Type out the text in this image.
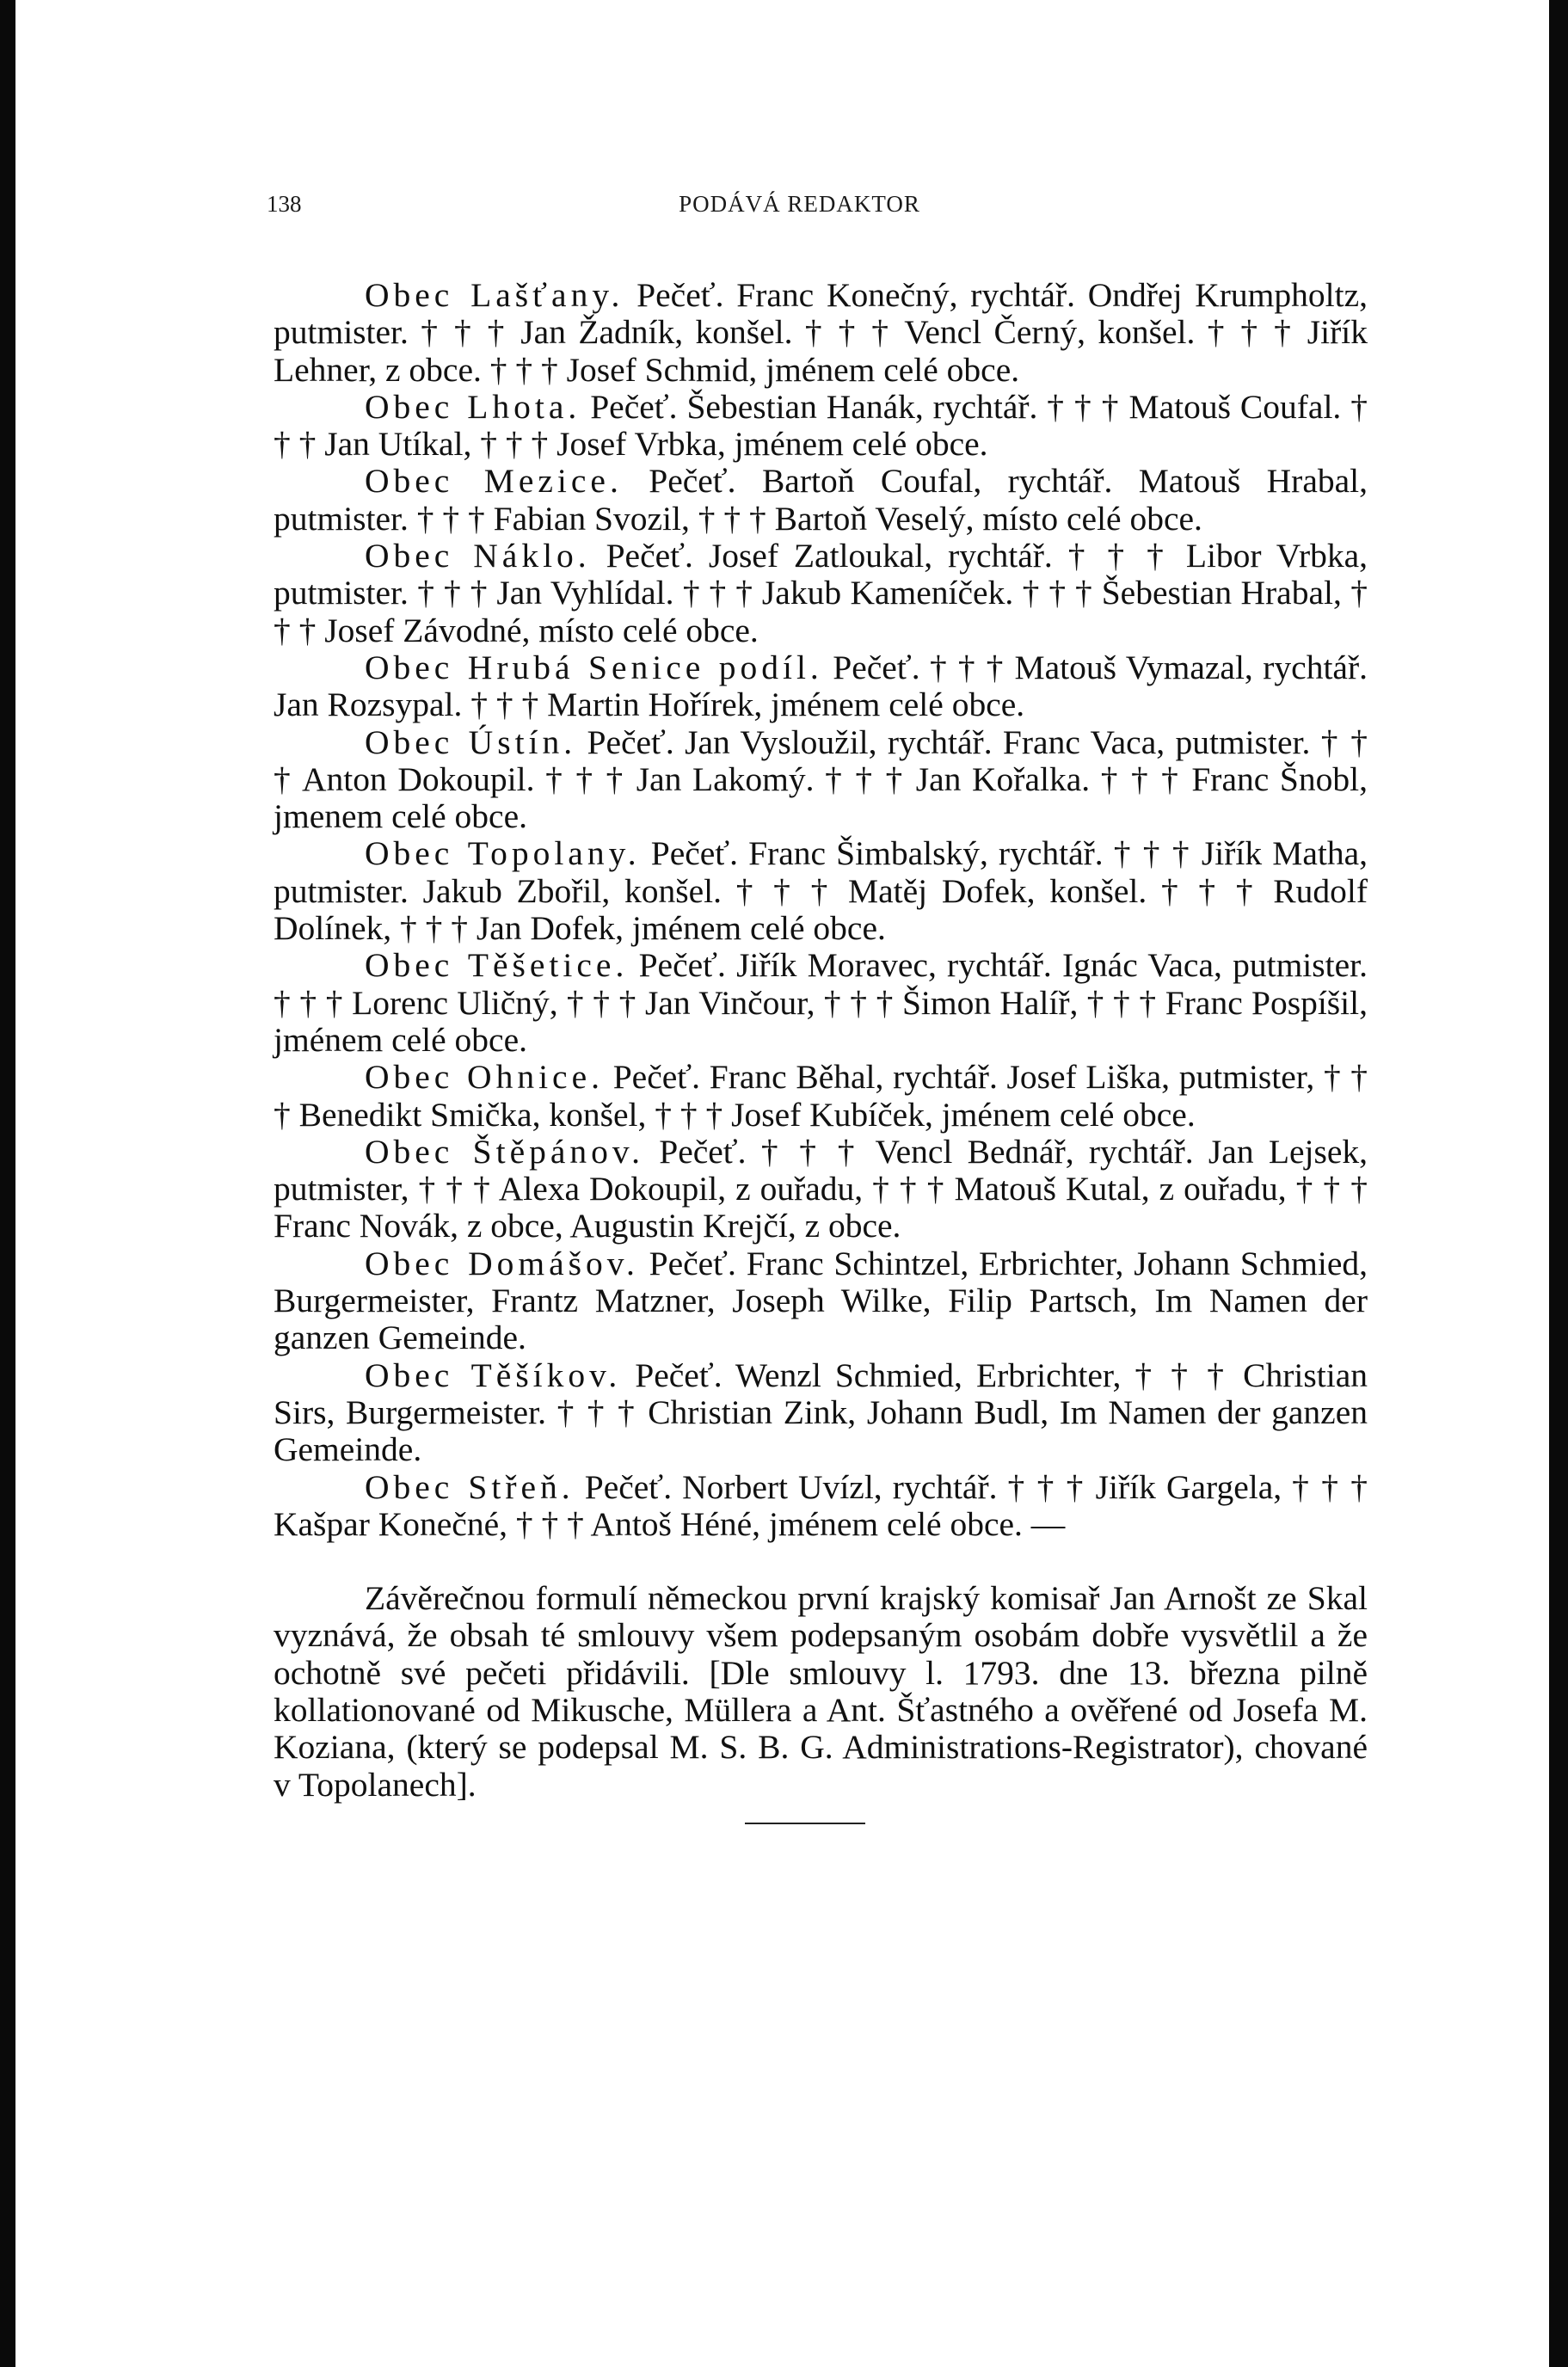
138	PODÁVÁ REDAKTOR

Obec Lašťany. Pečeť. Franc Konečný, rychtář. Ondřej Krumpholtz, putmister. † † † Jan Žadník, konšel. † † † Vencl Černý, konšel. † † † Jiřík Lehner, z obce. † † † Josef Schmid, jménem celé obce.

Obec Lhota. Pečeť. Šebestian Hanák, rychtář. † † † Matouš Coufal. † † † Jan Utíkal, † † † Josef Vrbka, jménem celé obce.

Obec Mezice. Pečeť. Bartoň Coufal, rychtář. Matouš Hrabal, putmister. † † † Fabian Svozil, † † † Bartoň Veselý, místo celé obce.

Obec Náklo. Pečeť. Josef Zatloukal, rychtář. † † † Libor Vrbka, putmister. † † † Jan Vyhlídal. † † † Jakub Kameníček. † † † Šebestian Hrabal, † † † Josef Závodné, místo celé obce.

Obec Hrubá Senice podíl. Pečeť. † † † Matouš Vymazal, rychtář. Jan Rozsypal. † † † Martin Hořírek, jménem celé obce.

Obec Ústín. Pečeť. Jan Vysloužil, rychtář. Franc Vaca, putmister. † † † Anton Dokoupil. † † † Jan Lakomý. † † † Jan Kořalka. † † † Franc Šnobl, jmenem celé obce.

Obec Topolany. Pečeť. Franc Šimbalský, rychtář. † † † Jiřík Matha, putmister. Jakub Zbořil, konšel. † † † Matěj Dofek, konšel. † † † Rudolf Dolínek, † † † Jan Dofek, jménem celé obce.

Obec Těšetice. Pečeť. Jiřík Moravec, rychtář. Ignác Vaca, putmister. † † † Lorenc Uličný, † † † Jan Vinčour, † † † Šimon Halíř, † † † Franc Pospíšil, jménem celé obce.

Obec Ohnice. Pečeť. Franc Běhal, rychtář. Josef Liška, putmister, † † † Benedikt Smička, konšel, † † † Josef Kubíček, jménem celé obce.

Obec Štěpánov. Pečeť. † † † Vencl Bednář, rychtář. Jan Lejsek, putmister, † † † Alexa Dokoupil, z ouřadu, † † † Matouš Kutal, z ouřadu, † † † Franc Novák, z obce, Augustin Krejčí, z obce.

Obec Domášov. Pečeť. Franc Schintzel, Erbrichter, Johann Schmied, Burgermeister, Frantz Matzner, Joseph Wilke, Filip Partsch, Im Namen der ganzen Gemeinde.

Obec Těšíkov. Pečeť. Wenzl Schmied, Erbrichter, † † † Christian Sirs, Burgermeister. † † † Christian Zink, Johann Budl, Im Namen der ganzen Gemeinde.

Obec Střeň. Pečeť. Norbert Uvízl, rychtář. † † † Jiřík Gargela, † † † Kašpar Konečné, † † † Antoš Héné, jménem celé obce. —

Závěrečnou formulí německou první krajský komisař Jan Arnošt ze Skal vyznává, že obsah té smlouvy všem podepsaným osobám dobře vysvětlil a že ochotně své pečeti přidávili. [Dle smlouvy l. 1793. dne 13. března pilně kollationované od Mikusche, Müllera a Ant. Šťastného a ověřené od Josefa M. Koziana, (který se podepsal M. S. B. G. Administrations-Registrator), chované v Topolanech].
